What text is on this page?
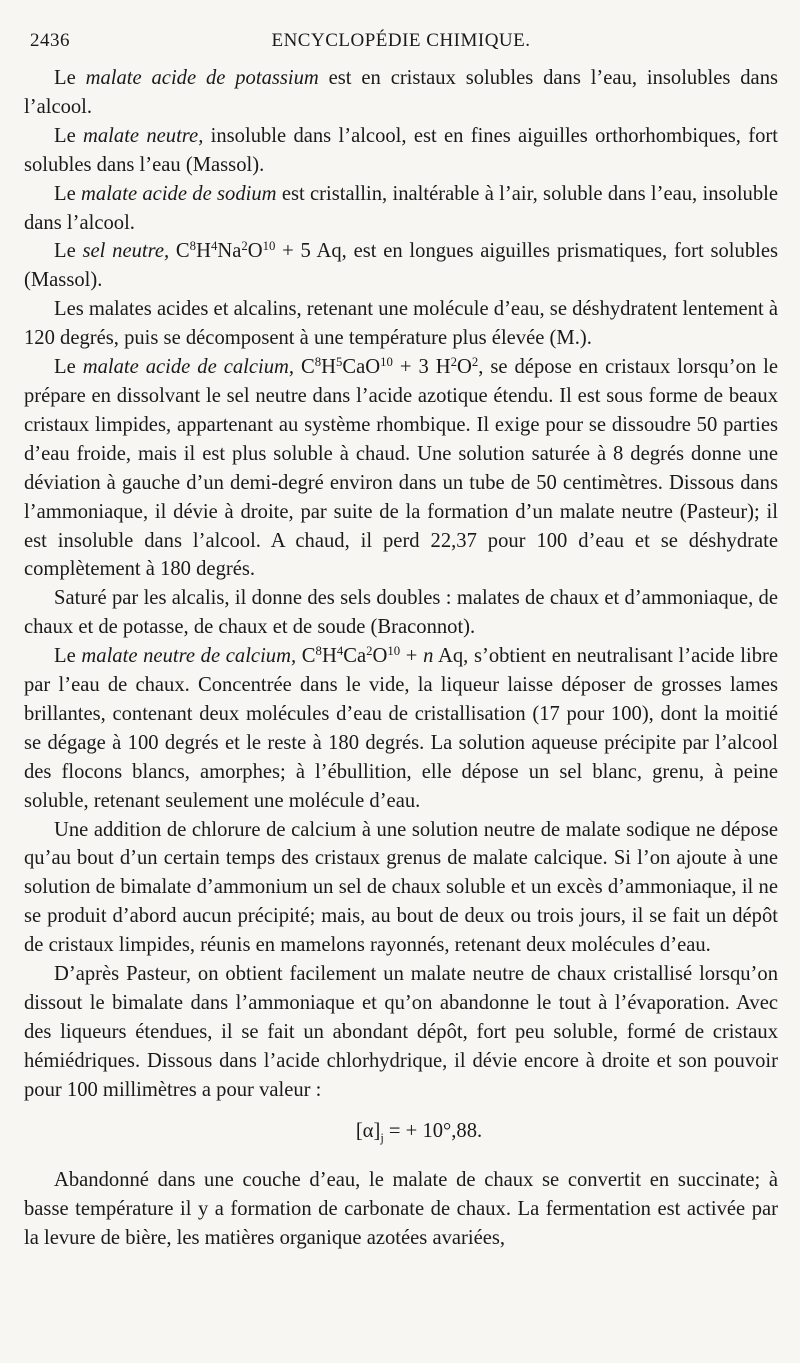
2436	ENCYCLOPÉDIE CHIMIQUE.

Le malate acide de potassium est en cristaux solubles dans l’eau, insolubles dans l’alcool.

Le malate neutre, insoluble dans l’alcool, est en fines aiguilles orthorhombiques, fort solubles dans l’eau (Massol).

Le malate acide de sodium est cristallin, inaltérable à l’air, soluble dans l’eau, insoluble dans l’alcool.

Le sel neutre, $C^8H^4Na^2O^{10} + 5$ Aq, est en longues aiguilles prismatiques, fort solubles (Massol).

Les malates acides et alcalins, retenant une molécule d’eau, se déshydratent lentement à 120 degrés, puis se décomposent à une température plus élevée (M.).

Le malate acide de calcium, $C^8H^5CaO^{10} + 3$ $H^2O^2$, se dépose en cristaux lorsqu’on le prépare en dissolvant le sel neutre dans l’acide azotique étendu. Il est sous forme de beaux cristaux limpides, appartenant au système rhombique. Il exige pour se dissoudre 50 parties d’eau froide, mais il est plus soluble à chaud. Une solution saturée à 8 degrés donne une déviation à gauche d’un demi-degré environ dans un tube de 50 centimètres. Dissous dans l’ammoniaque, il dévie à droite, par suite de la formation d’un malate neutre (Pasteur); il est insoluble dans l’alcool. A chaud, il perd 22,37 pour 100 d’eau et se déshydrate complètement à 180 degrés.

Saturé par les alcalis, il donne des sels doubles : malates de chaux et d’ammoniaque, de chaux et de potasse, de chaux et de soude (Braconnot).

Le malate neutre de calcium, $C^8H^4Ca^2O^{10} + n$ Aq, s’obtient en neutralisant l’acide libre par l’eau de chaux. Concentrée dans le vide, la liqueur laisse déposer de grosses lames brillantes, contenant deux molécules d’eau de cristallisation (17 pour 100), dont la moitié se dégage à 100 degrés et le reste à 180 degrés. La solution aqueuse précipite par l’alcool des flocons blancs, amorphes; à l’ébullition, elle dépose un sel blanc, grenu, à peine soluble, retenant seulement une molécule d’eau.

Une addition de chlorure de calcium à une solution neutre de malate sodique ne dépose qu’au bout d’un certain temps des cristaux grenus de malate calcique. Si l’on ajoute à une solution de bimalate d’ammonium un sel de chaux soluble et un excès d’ammoniaque, il ne se produit d’abord aucun précipité; mais, au bout de deux ou trois jours, il se fait un dépôt de cristaux limpides, réunis en mamelons rayonnés, retenant deux molécules d’eau.

D’après Pasteur, on obtient facilement un malate neutre de chaux cristallisé lorsqu’on dissout le bimalate dans l’ammoniaque et qu’on abandonne le tout à l’évaporation. Avec des liqueurs étendues, il se fait un abondant dépôt, fort peu soluble, formé de cristaux hémiédriques. Dissous dans l’acide chlorhydrique, il dévie encore à droite et son pouvoir pour 100 millimètres a pour valeur :

$[\alpha]_j$ = + 10°,88.

Abandonné dans une couche d’eau, le malate de chaux se convertit en succinate; à basse température il y a formation de carbonate de chaux. La fermentation est activée par la levure de bière, les matières organique azotées avariées,
